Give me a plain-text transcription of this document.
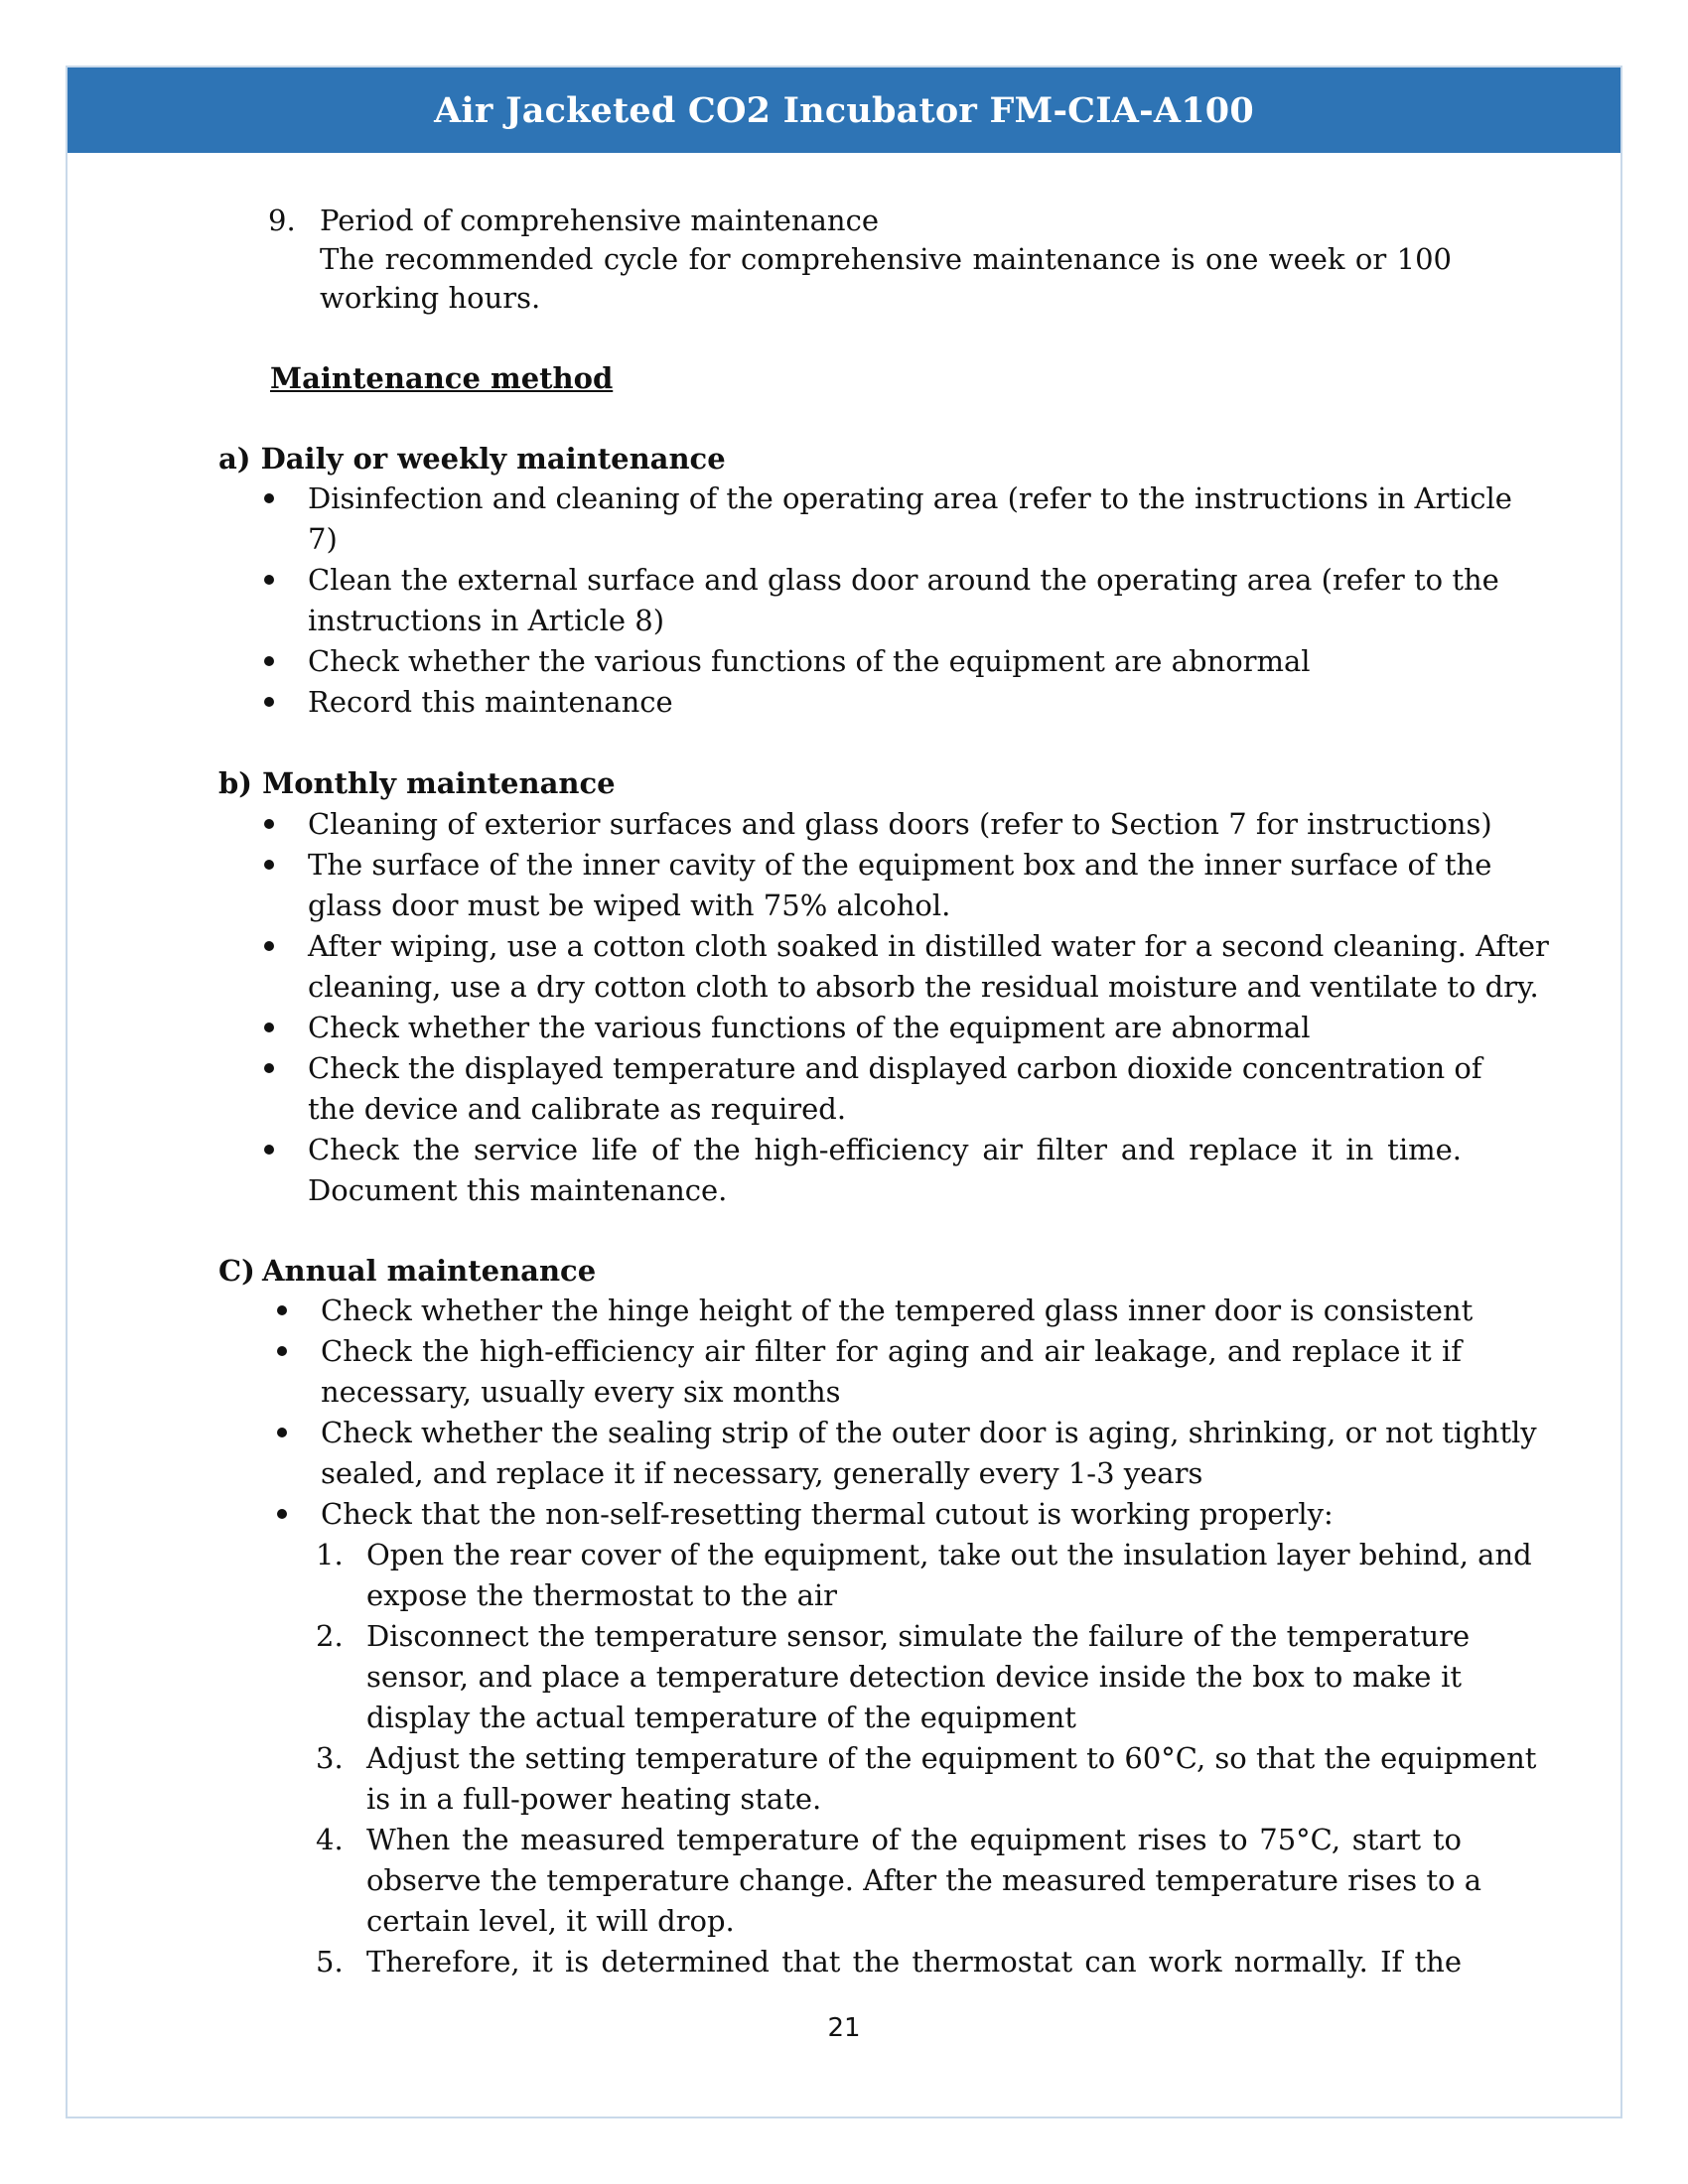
Air Jacketed CO2 Incubator FM-CIA-A100
9. Period of comprehensive maintenance
The recommended cycle for comprehensive maintenance is one week or 100
working hours.
Maintenance method
a) Daily or weekly maintenance
Disinfection and cleaning of the operating area (refer to the instructions in Article
7)
Clean the external surface and glass door around the operating area (refer to the
instructions in Article 8)
Check whether the various functions of the equipment are abnormal
Record this maintenance
b) Monthly maintenance
Cleaning of exterior surfaces and glass doors (refer to Section 7 for instructions)
The surface of the inner cavity of the equipment box and the inner surface of the
glass door must be wiped with 75% alcohol.
After wiping, use a cotton cloth soaked in distilled water for a second cleaning. After
cleaning, use a dry cotton cloth to absorb the residual moisture and ventilate to dry.
Check whether the various functions of the equipment are abnormal
Check the displayed temperature and displayed carbon dioxide concentration of
the device and calibrate as required.
Check the service life of the high-efficiency air filter and replace it in time.
Document this maintenance.
C) Annual maintenance
Check whether the hinge height of the tempered glass inner door is consistent
Check the high-efficiency air filter for aging and air leakage, and replace it if
necessary, usually every six months
Check whether the sealing strip of the outer door is aging, shrinking, or not tightly
sealed, and replace it if necessary, generally every 1-3 years
Check that the non-self-resetting thermal cutout is working properly:
1. Open the rear cover of the equipment, take out the insulation layer behind, and
expose the thermostat to the air
2. Disconnect the temperature sensor, simulate the failure of the temperature
sensor, and place a temperature detection device inside the box to make it
display the actual temperature of the equipment
3. Adjust the setting temperature of the equipment to 60°C, so that the equipment
is in a full-power heating state.
4. When the measured temperature of the equipment rises to 75°C, start to
observe the temperature change. After the measured temperature rises to a
certain level, it will drop.
5. Therefore, it is determined that the thermostat can work normally. If the
21
